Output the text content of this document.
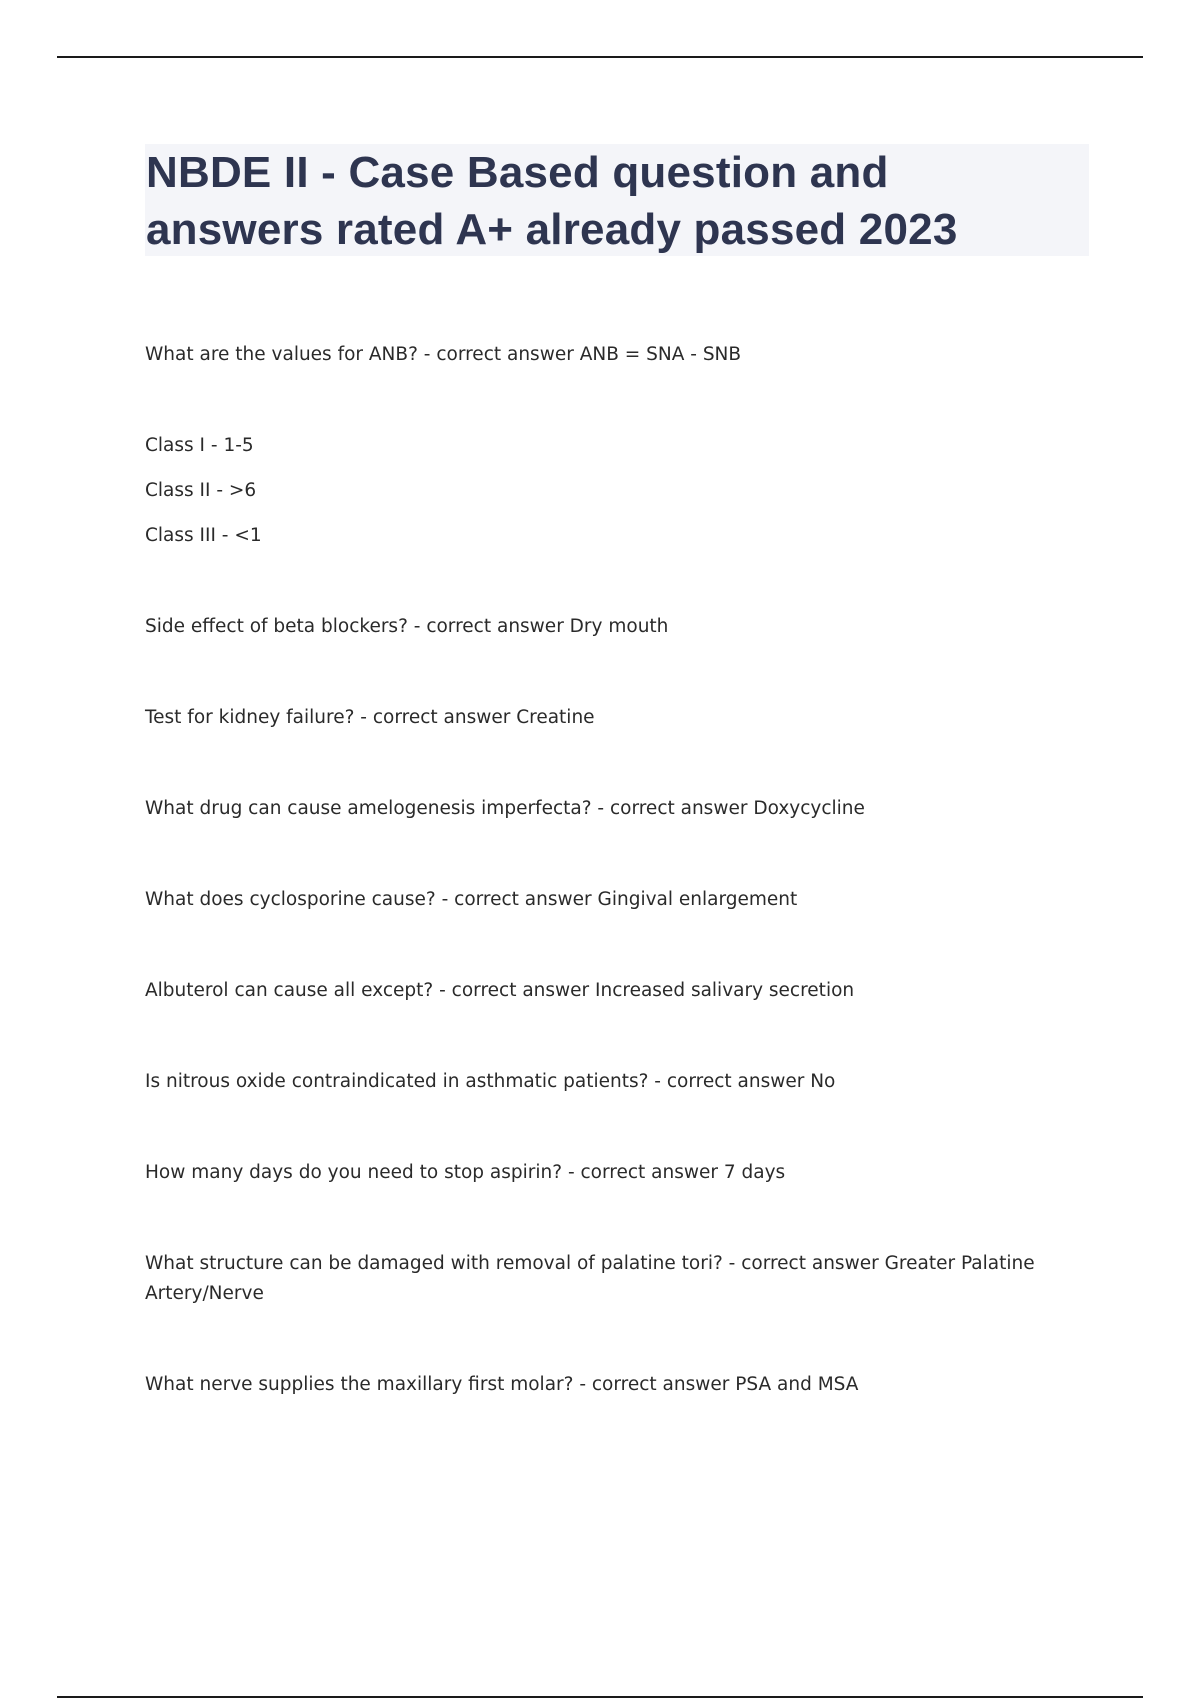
NBDE II - Case Based question and
answers rated A+ already passed 2023

What are the values for ANB? - correct answer ANB = SNA - SNB

Class I - 1-5

Class II - >6

Class III - <1

Side effect of beta blockers? - correct answer Dry mouth

Test for kidney failure? - correct answer Creatine

What drug can cause amelogenesis imperfecta? - correct answer Doxycycline

What does cyclosporine cause? - correct answer Gingival enlargement

Albuterol can cause all except? - correct answer Increased salivary secretion

Is nitrous oxide contraindicated in asthmatic patients? - correct answer No

How many days do you need to stop aspirin? - correct answer 7 days

What structure can be damaged with removal of palatine tori? - correct answer Greater Palatine Artery/Nerve

What nerve supplies the maxillary first molar? - correct answer PSA and MSA
